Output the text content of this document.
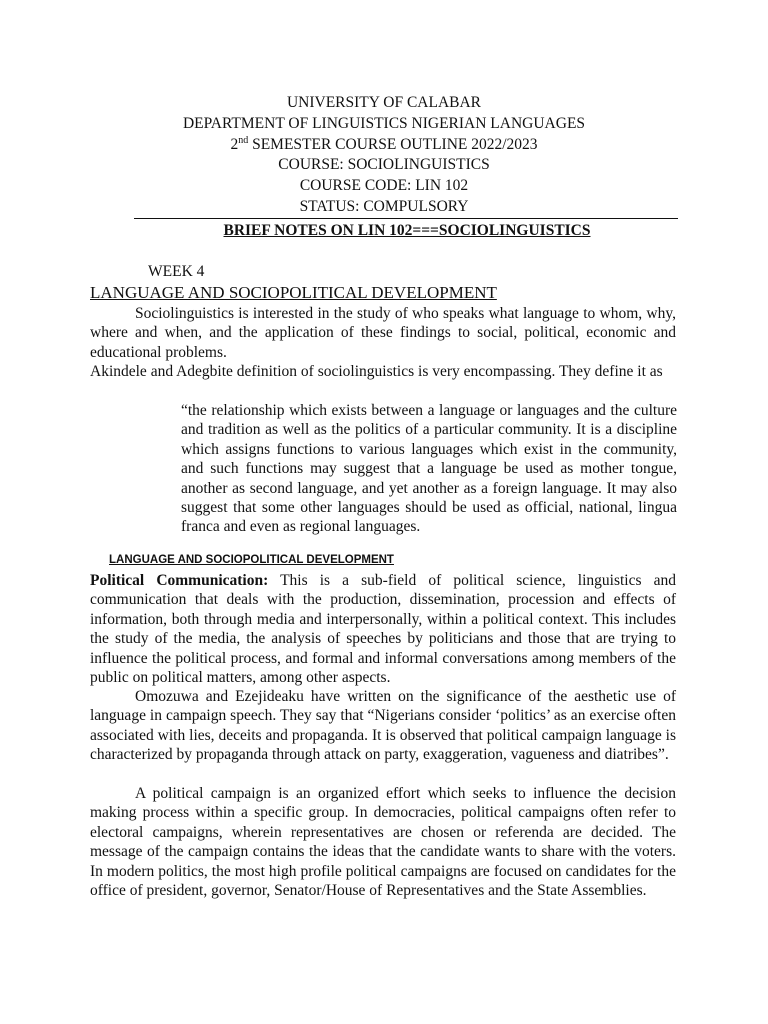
UNIVERSITY OF CALABAR
DEPARTMENT OF LINGUISTICS NIGERIAN LANGUAGES
2nd SEMESTER COURSE OUTLINE 2022/2023
COURSE: SOCIOLINGUISTICS
COURSE CODE: LIN 102
STATUS: COMPULSORY
BRIEF NOTES ON LIN 102===SOCIOLINGUISTICS
WEEK 4
LANGUAGE AND SOCIOPOLITICAL DEVELOPMENT
Sociolinguistics is interested in the study of who speaks what language to whom, why, where and when, and the application of these findings to social, political, economic and educational problems.
Akindele and Adegbite definition of sociolinguistics is very encompassing. They define it as
“the relationship which exists between a language or languages and the culture and tradition as well as the politics of a particular community. It is a discipline which assigns functions to various languages which exist in the community, and such functions may suggest that a language be used as mother tongue, another as second language, and yet another as a foreign language. It may also suggest that some other languages should be used as official, national, lingua franca and even as regional languages.
LANGUAGE AND SOCIOPOLITICAL DEVELOPMENT
Political Communication: This is a sub-field of political science, linguistics and communication that deals with the production, dissemination, procession and effects of information, both through media and interpersonally, within a political context. This includes the study of the media, the analysis of speeches by politicians and those that are trying to influence the political process, and formal and informal conversations among members of the public on political matters, among other aspects.
Omozuwa and Ezejideaku have written on the significance of the aesthetic use of language in campaign speech. They say that “Nigerians consider ‘politics’ as an exercise often associated with lies, deceits and propaganda. It is observed that political campaign language is characterized by propaganda through attack on party, exaggeration, vagueness and diatribes”.
A political campaign is an organized effort which seeks to influence the decision making process within a specific group. In democracies, political campaigns often refer to electoral campaigns, wherein representatives are chosen or referenda are decided. The message of the campaign contains the ideas that the candidate wants to share with the voters. In modern politics, the most high profile political campaigns are focused on candidates for the office of president, governor, Senator/House of Representatives and the State Assemblies.
